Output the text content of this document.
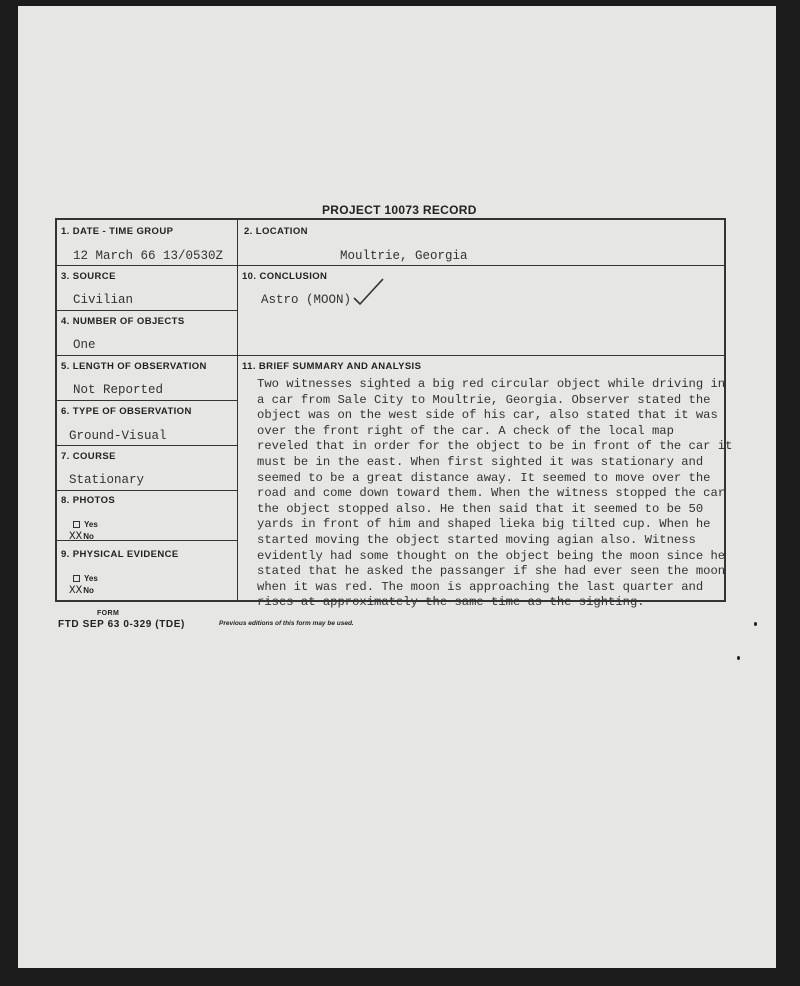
PROJECT 10073 RECORD
1. DATE - TIME GROUP
12 March 66 13/0530Z
2. LOCATION
Moultrie, Georgia
3. SOURCE
Civilian
10. CONCLUSION
Astro (MOON)
4. NUMBER OF OBJECTS
One
5. LENGTH OF OBSERVATION
Not Reported
11. BRIEF SUMMARY AND ANALYSIS
Two witnesses sighted a big red circular object while driving in
a car from Sale City to Moultrie, Georgia. Observer stated the
object was on the west side of his car, also stated that it was
over the front right of the car. A check of the local map
reveled that in order for the object to be in front of the car it
must be in the east. When first sighted it was stationary and
seemed to be a great distance away. It seemed to move over the
road and come down toward them. When the witness stopped the car
the object stopped also. He then said that it seemed to be 50
yards in front of him and shaped lieka big tilted cup. When he
started moving the object started moving agian also. Witness
evidently had some thought on the object being the moon since he
stated that he asked the passanger if she had ever seen the moon
when it was red. The moon is approaching the last quarter and
rises at approximately the same time as the sighting.
6. TYPE OF OBSERVATION
Ground-Visual
7. COURSE
Stationary
8. PHOTOS
Yes
XXNo
9. PHYSICAL EVIDENCE
Yes
XXNo
FORM
FTD SEP 63 0-329 (TDE)	Previous editions of this form may be used.
